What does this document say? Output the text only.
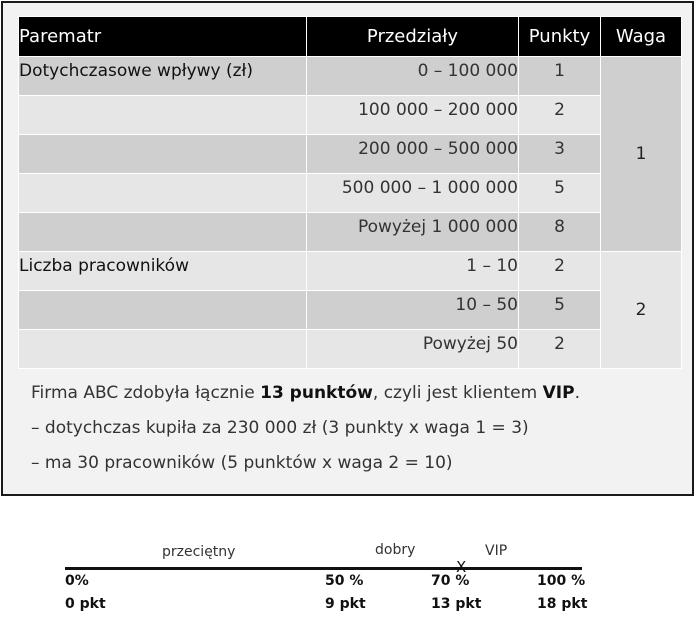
Parematr	Przedziały	Punkty	Waga
Dotychczasowe wpływy (zł)	0 – 100 000	1	1
	100 000 – 200 000	2	
	200 000 – 500 000	3	
	500 000 – 1 000 000	5	
	Powyżej 1 000 000	8	
Liczba pracowników	1 – 10	2	2
	10 – 50	5	
	Powyżej 50	2	

Firma ABC zdobyła łącznie 13 punktów, czyli jest klientem VIP.

– dotychczas kupiła za 230 000 zł (3 punkty x waga 1 = 3)

– ma 30 pracowników (5 punktów x waga 2 = 10)

przeciętny	dobry	VIP
X
0%	50 %	70 %	100 %
0 pkt	9 pkt	13 pkt	18 pkt
